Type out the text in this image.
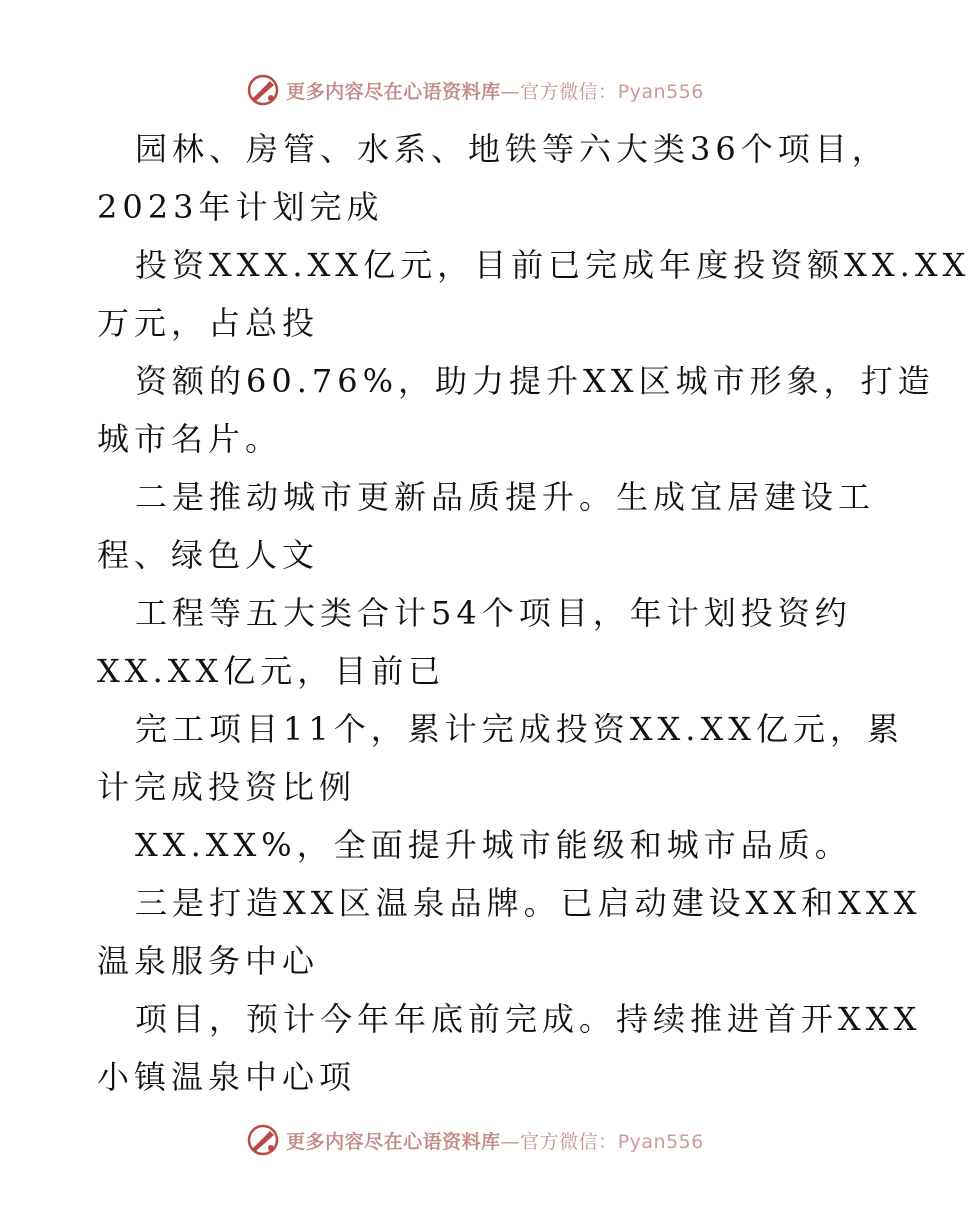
更多内容尽在心语资料库—官方微信：Pyan556
园林、房管、水系、地铁等六大类36个项目，
2023年计划完成
投资XXX.XX亿元，目前已完成年度投资额XX.XX
万元，占总投
资额的60.76%，助力提升XX区城市形象，打造
城市名片。
二是推动城市更新品质提升。生成宜居建设工
程、绿色人文
工程等五大类合计54个项目，年计划投资约
XX.XX亿元，目前已
完工项目11个，累计完成投资XX.XX亿元，累
计完成投资比例
XX.XX%，全面提升城市能级和城市品质。
三是打造XX区温泉品牌。已启动建设XX和XXX
温泉服务中心
项目，预计今年年底前完成。持续推进首开XXX
小镇温泉中心项
更多内容尽在心语资料库—官方微信：Pyan556
